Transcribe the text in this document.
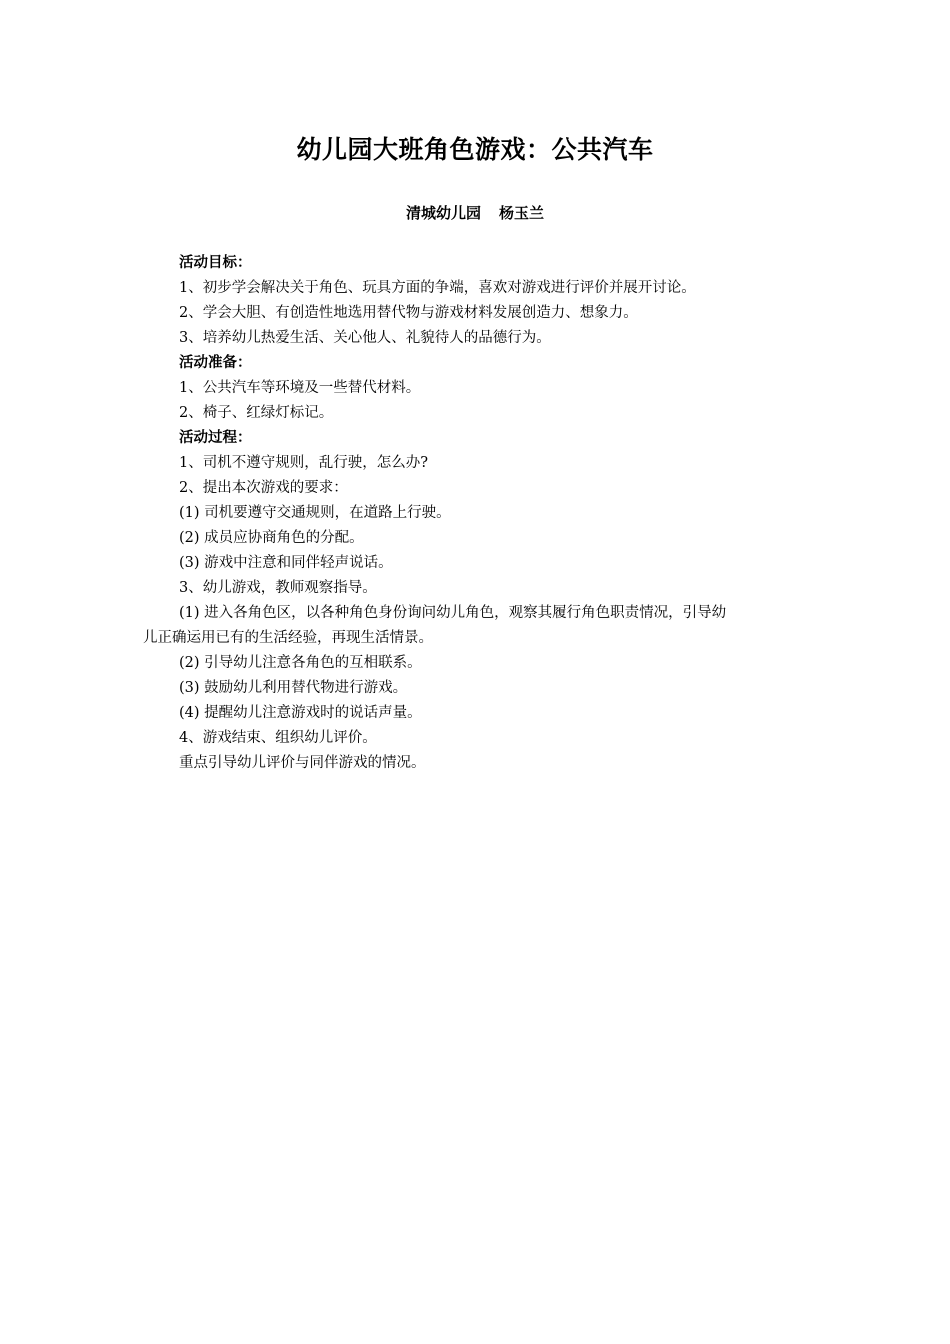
幼儿园大班角色游戏：公共汽车
清城幼儿园 杨玉兰

活动目标：

1、初步学会解决关于角色、玩具方面的争端，喜欢对游戏进行评价并展开讨论。

2、学会大胆、有创造性地选用替代物与游戏材料发展创造力、想象力。

3、培养幼儿热爱生活、关心他人、礼貌待人的品德行为。

活动准备：

1、公共汽车等环境及一些替代材料。

2、椅子、红绿灯标记。

活动过程：

1、司机不遵守规则，乱行驶，怎么办?

2、提出本次游戏的要求：

(1) 司机要遵守交通规则，在道路上行驶。

(2) 成员应协商角色的分配。

(3) 游戏中注意和同伴轻声说话。

3、幼儿游戏，教师观察指导。

(1) 进入各角色区，以各种角色身份询问幼儿角色，观察其履行角色职责情况，引导幼

儿正确运用已有的生活经验，再现生活情景。

(2) 引导幼儿注意各角色的互相联系。

(3) 鼓励幼儿利用替代物进行游戏。

(4) 提醒幼儿注意游戏时的说话声量。

4、游戏结束、组织幼儿评价。

重点引导幼儿评价与同伴游戏的情况。
